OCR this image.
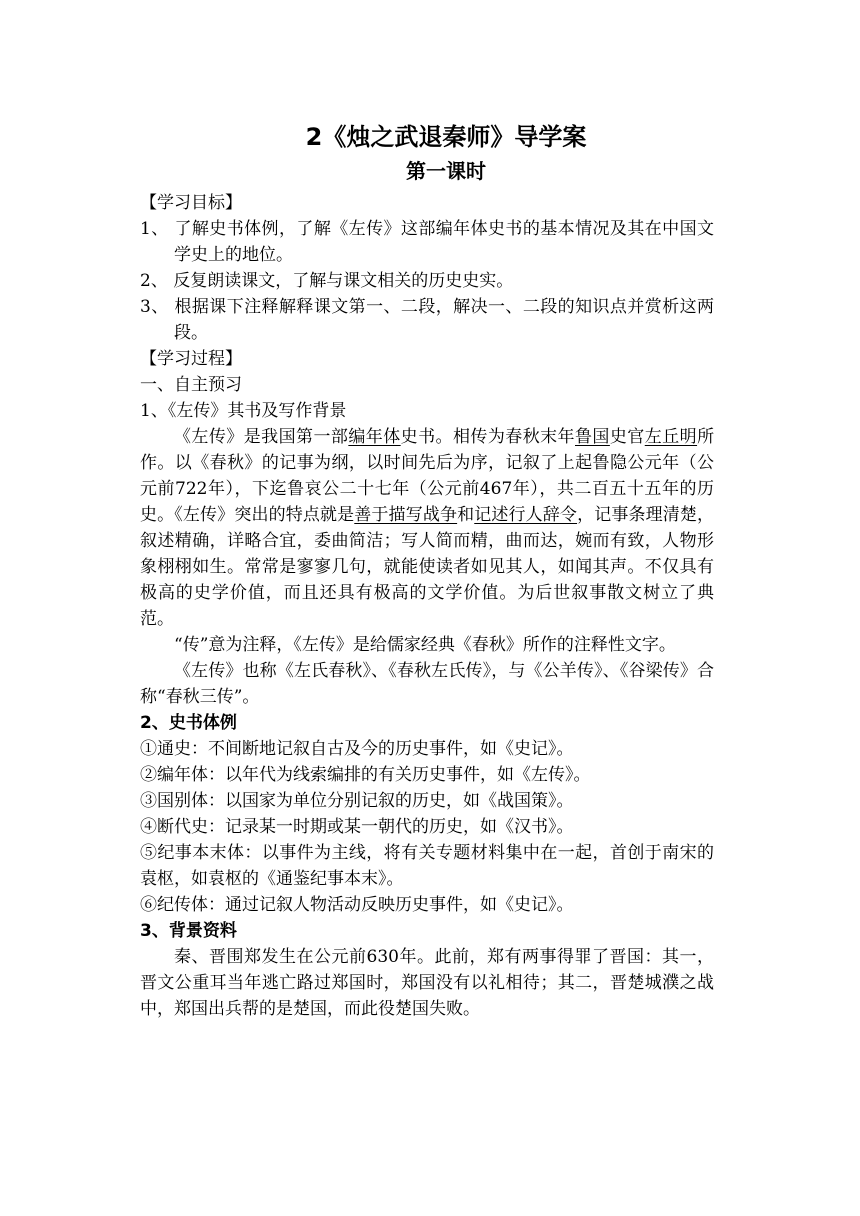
2《烛之武退秦师》导学案
第一课时

【学习目标】

1、 了解史书体例，了解《左传》这部编年体史书的基本情况及其在中国文学史上的地位。

2、 反复朗读课文，了解与课文相关的历史史实。

3、 根据课下注释解释课文第一、二段，解决一、二段的知识点并赏析这两段。

【学习过程】

一、自主预习

1、《左传》其书及写作背景

《左传》是我国第一部编年体史书。相传为春秋末年鲁国史官左丘明所作。以《春秋》的记事为纲，以时间先后为序，记叙了上起鲁隐公元年（公元前722年），下迄鲁哀公二十七年（公元前467年），共二百五十五年的历史。《左传》突出的特点就是善于描写战争和记述行人辞令，记事条理清楚，叙述精确，详略合宜，委曲简洁；写人简而精，曲而达，婉而有致，人物形象栩栩如生。常常是寥寥几句，就能使读者如见其人，如闻其声。不仅具有极高的史学价值，而且还具有极高的文学价值。为后世叙事散文树立了典范。

“传”意为注释，《左传》是给儒家经典《春秋》所作的注释性文字。

《左传》也称《左氏春秋》、《春秋左氏传》，与《公羊传》、《谷梁传》合称“春秋三传”。

2、史书体例

①通史：不间断地记叙自古及今的历史事件，如《史记》。

②编年体：以年代为线索编排的有关历史事件，如《左传》。

③国别体：以国家为单位分别记叙的历史，如《战国策》。

④断代史：记录某一时期或某一朝代的历史，如《汉书》。

⑤纪事本末体：以事件为主线，将有关专题材料集中在一起，首创于南宋的袁枢，如袁枢的《通鉴纪事本末》。

⑥纪传体：通过记叙人物活动反映历史事件，如《史记》。

3、背景资料

秦、晋围郑发生在公元前630年。此前，郑有两事得罪了晋国：其一，晋文公重耳当年逃亡路过郑国时，郑国没有以礼相待；其二，晋楚城濮之战中，郑国出兵帮的是楚国，而此役楚国失败。
